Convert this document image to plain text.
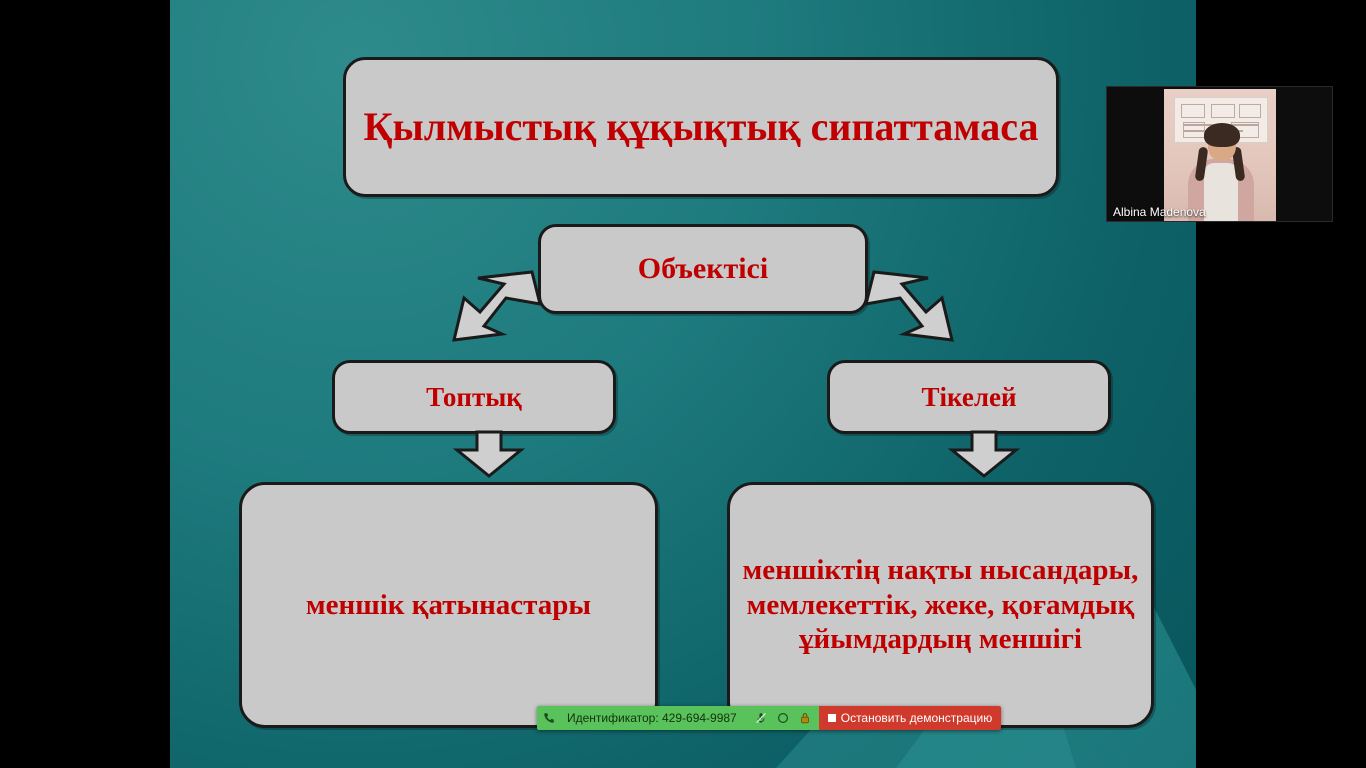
Қылмыстық құқықтық сипаттамаса
Объектісі
Топтық	Тікелей
меншік қатынастары
меншіктің нақты нысандары, мемлекеттік, жеке, қоғамдық ұйымдардың меншігі
Albina Madenova
Идентификатор: 429-694-9987	Остановить демонстрацию
